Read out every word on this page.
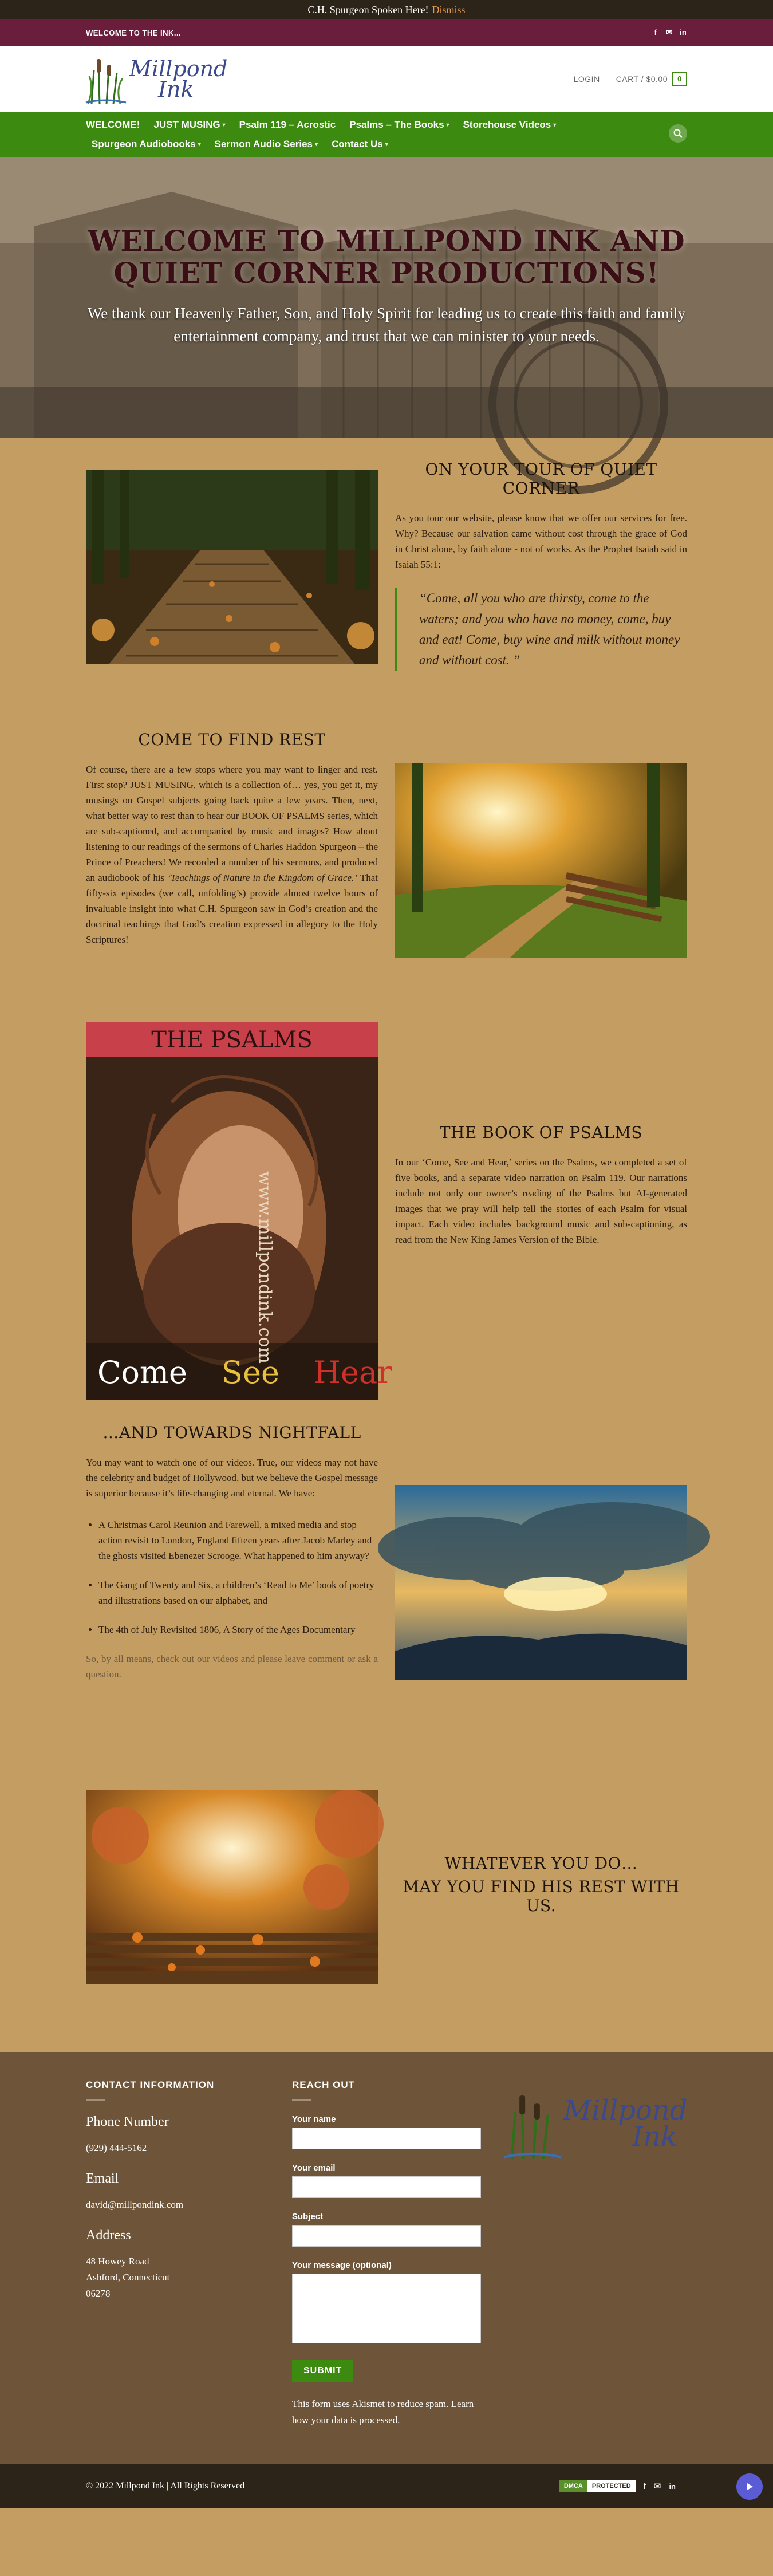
C.H. Spurgeon Spoken Here! Dismiss
WELCOME TO THE INK...	f	✉ in
Millpond
Ink	LOGIN CART / $0.00	0
WELCOME! JUST MUSING ▾ Psalm 119 – Acrostic Psalms – The Books ▾ Storehouse Videos ▾
Spurgeon Audiobooks ▾ Sermon Audio Series ▾ Contact Us ▾
WELCOME TO MILLPOND INK AND
QUIET CORNER PRODUCTIONS!

We thank our Heavenly Father, Son, and Holy Spirit for leading us to create this faith and family entertainment company, and trust that we can minister to your needs.

ON YOUR TOUR OF QUIET CORNER

As you tour our website, please know that we offer our services for free. Why? Because our salvation came without cost through the grace of God in Christ alone, by faith alone - not of works. As the Prophet Isaiah said in Isaiah 55:1:

“Come, all you who are thirsty, come to the waters; and you who have no money, come, buy and eat! Come, buy wine and milk without money and without cost. ”
COME TO FIND REST

Of course, there are a few stops where you may want to linger and rest. First stop? JUST MUSING, which is a collection of… yes, you get it, my musings on Gospel subjects going back quite a few years. Then, next, what better way to rest than to hear our BOOK OF PSALMS series, which are sub-captioned, and accompanied by music and images? How about listening to our readings of the sermons of Charles Haddon Spurgeon – the Prince of Preachers! We recorded a number of his sermons, and produced an audiobook of his ‘Teachings of Nature in the Kingdom of Grace.’ That fifty-six episodes (we call, unfolding’s) provide almost twelve hours of invaluable insight into what C.H. Spurgeon saw in God’s creation and the doctrinal teachings that God’s creation expressed in allegory to the Holy Scriptures!

THE PSALMS
www.millpondink.com
Come See Hear
THE BOOK OF PSALMS

In our ‘Come, See and Hear,’ series on the Psalms, we completed a set of five books, and a separate video narration on Psalm 119. Our narrations include not only our owner’s reading of the Psalms but AI-generated images that we pray will help tell the stories of each Psalm for visual impact. Each video includes background music and sub-captioning, as read from the New King James Version of the Bible.

…AND TOWARDS NIGHTFALL

You may want to watch one of our videos. True, our videos may not have the celebrity and budget of Hollywood, but we believe the Gospel message is superior because it’s life-changing and eternal. We have:

• A Christmas Carol Reunion and Farewell, a mixed media and stop action revisit to London, England fifteen years after Jacob Marley and the ghosts visited Ebenezer Scrooge. What happened to him anyway?
• The Gang of Twenty and Six, a children’s ‘Read to Me’ book of poetry and illustrations based on our alphabet, and
• The 4th of July Revisited 1806, A Story of the Ages Documentary

So, by all means, check out our videos and please leave comment or ask a question.

WHATEVER YOU DO…
MAY YOU FIND HIS REST WITH US.
CONTACT INFORMATION
Phone Number
(929) 444-5162
Email
david@millpondink.com
Address
48 Howey Road
Ashford, Connecticut
06278
REACH OUT
Your name
Your email
Subject
Your message (optional)
SUBMIT

This form uses Akismet to reduce spam. Learn how your data is processed.

Millpond
Ink
© 2022 Millpond Ink | All Rights Reserved	DMCA	PROTECTED	f ✉ in
